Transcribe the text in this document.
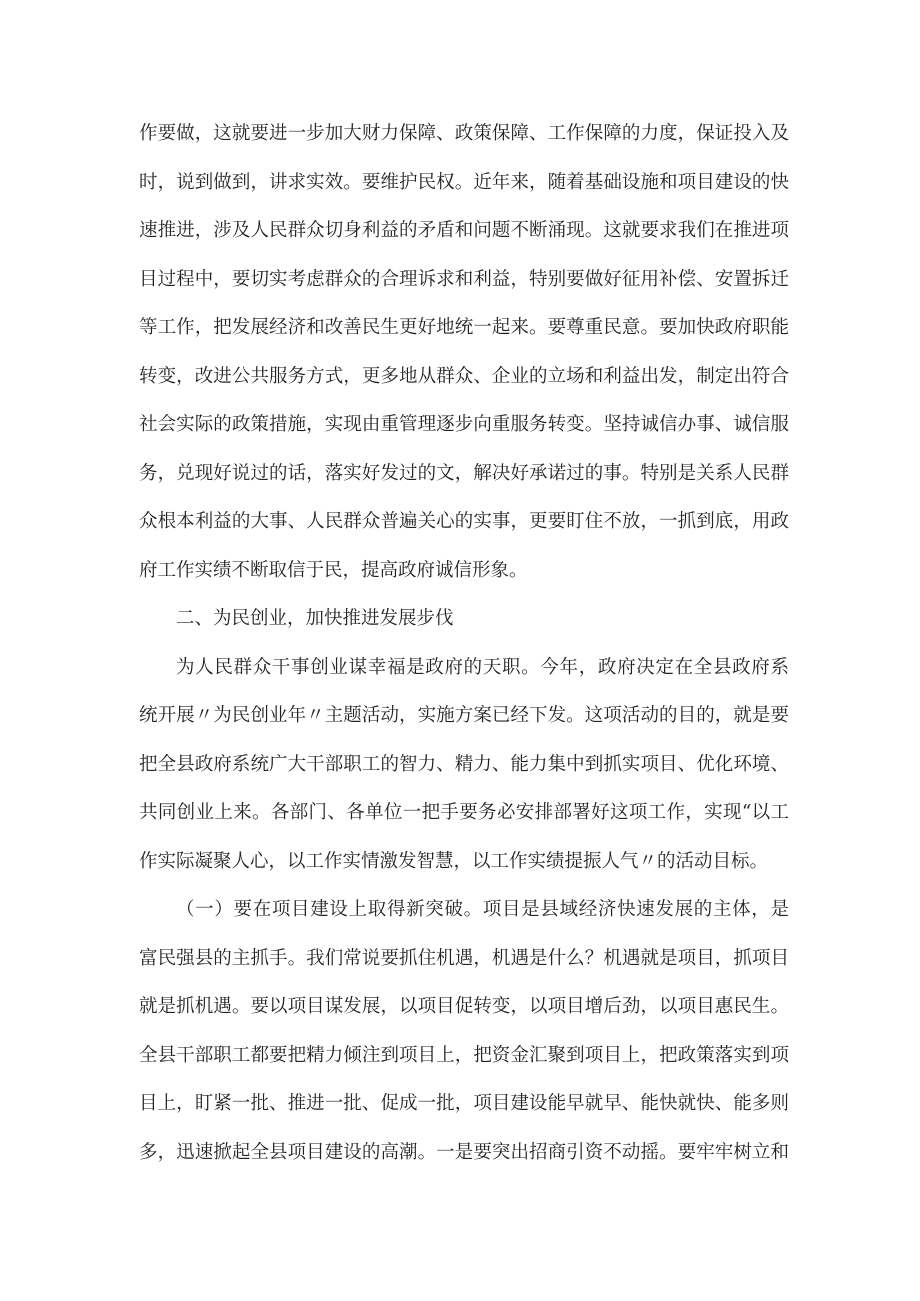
作要做，这就要进一步加大财力保障、政策保障、工作保障的力度，保证投入及
时，说到做到，讲求实效。要维护民权。近年来，随着基础设施和项目建设的快
速推进，涉及人民群众切身利益的矛盾和问题不断涌现。这就要求我们在推进项
目过程中，要切实考虑群众的合理诉求和利益，特别要做好征用补偿、安置拆迁
等工作，把发展经济和改善民生更好地统一起来。要尊重民意。要加快政府职能
转变，改进公共服务方式，更多地从群众、企业的立场和利益出发，制定出符合
社会实际的政策措施，实现由重管理逐步向重服务转变。坚持诚信办事、诚信服
务，兑现好说过的话，落实好发过的文，解决好承诺过的事。特别是关系人民群
众根本利益的大事、人民群众普遍关心的实事，更要盯住不放，一抓到底，用政
府工作实绩不断取信于民，提高政府诚信形象。
二、为民创业，加快推进发展步伐
为人民群众干事创业谋幸福是政府的天职。今年，政府决定在全县政府系
统开展〃为民创业年〃主题活动，实施方案已经下发。这项活动的目的，就是要
把全县政府系统广大干部职工的智力、精力、能力集中到抓实项目、优化环境、
共同创业上来。各部门、各单位一把手要务必安排部署好这项工作，实现“以工
作实际凝聚人心，以工作实情激发智慧，以工作实绩提振人气〃的活动目标。
（一）要在项目建设上取得新突破。项目是县域经济快速发展的主体，是
富民强县的主抓手。我们常说要抓住机遇，机遇是什么？机遇就是项目，抓项目
就是抓机遇。要以项目谋发展，以项目促转变，以项目增后劲，以项目惠民生。
全县干部职工都要把精力倾注到项目上，把资金汇聚到项目上，把政策落实到项
目上，盯紧一批、推进一批、促成一批，项目建设能早就早、能快就快、能多则
多，迅速掀起全县项目建设的高潮。一是要突出招商引资不动摇。要牢牢树立和
